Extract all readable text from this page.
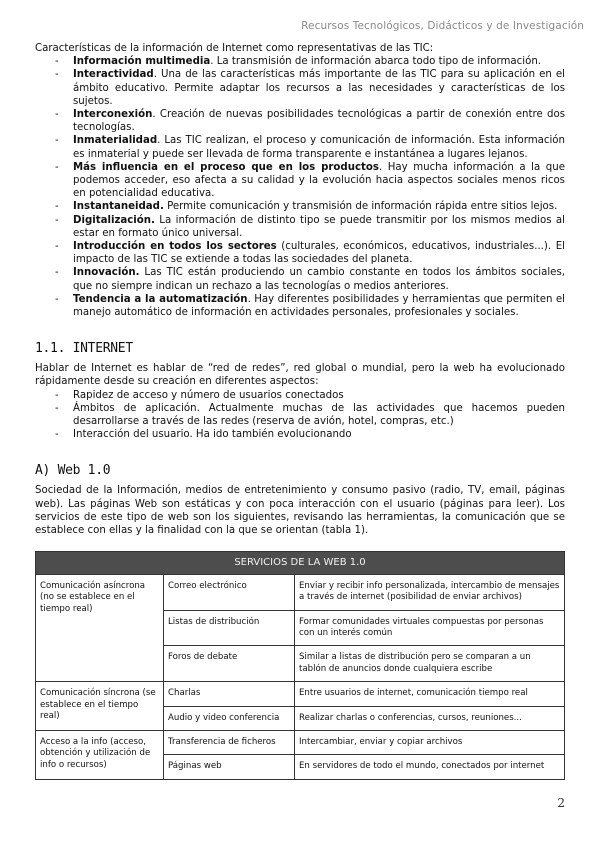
Recursos Tecnológicos, Didácticos y de Investigación

Características de la información de Internet como representativas de las TIC:

- Información multimedia. La transmisión de información abarca todo tipo de información.
- Interactividad. Una de las características más importante de las TIC para su aplicación en el ámbito educativo. Permite adaptar los recursos a las necesidades y características de los sujetos.
- Interconexión. Creación de nuevas posibilidades tecnológicas a partir de conexión entre dos tecnologías.
- Inmaterialidad. Las TIC realizan, el proceso y comunicación de información. Esta información es inmaterial y puede ser llevada de forma transparente e instantánea a lugares lejanos.
- Más influencia en el proceso que en los productos. Hay mucha información a la que podemos acceder, eso afecta a su calidad y la evolución hacia aspectos sociales menos ricos en potencialidad educativa.
- Instantaneidad. Permite comunicación y transmisión de información rápida entre sitios lejos.
- Digitalización. La información de distinto tipo se puede transmitir por los mismos medios al estar en formato único universal.
- Introducción en todos los sectores (culturales, económicos, educativos, industriales...). El impacto de las TIC se extiende a todas las sociedades del planeta.
- Innovación. Las TIC están produciendo un cambio constante en todos los ámbitos sociales, que no siempre indican un rechazo a las tecnologías o medios anteriores.
- Tendencia a la automatización. Hay diferentes posibilidades y herramientas que permiten el manejo automático de información en actividades personales, profesionales y sociales.
1.1. INTERNET

Hablar de Internet es hablar de “red de redes”, red global o mundial, pero la web ha evolucionado rápidamente desde su creación en diferentes aspectos:

- Rapidez de acceso y número de usuarios conectados
- Ámbitos de aplicación. Actualmente muchas de las actividades que hacemos pueden desarrollarse a través de las redes (reserva de avión, hotel, compras, etc.)
- Interacción del usuario. Ha ido también evolucionando
A) Web 1.0

Sociedad de la Información, medios de entretenimiento y consumo pasivo (radio, TV, email, páginas web). Las páginas Web son estáticas y con poca interacción con el usuario (páginas para leer). Los servicios de este tipo de web son los siguientes, revisando las herramientas, la comunicación que se establece con ellas y la finalidad con la que se orientan (tabla 1).

SERVICIOS DE LA WEB 1.0		
Comunicación asíncrona (no se establece en el tiempo real)	Correo electrónico	Enviar y recibir info personalizada, intercambio de mensajes a través de internet (posibilidad de enviar archivos)
	Listas de distribución	Formar comunidades virtuales compuestas por personas con un interés común
	Foros de debate	Similar a listas de distribución pero se comparan a un tablón de anuncios donde cualquiera escribe
Comunicación síncrona (se establece en el tiempo real)	Charlas	Entre usuarios de internet, comunicación tiempo real
	Audio y video conferencia	Realizar charlas o conferencias, cursos, reuniones...
Acceso a la info (acceso, obtención y utilización de info o recursos)	Transferencia de ficheros	Intercambiar, enviar y copiar archivos
	Páginas web	En servidores de todo el mundo, conectados por internet
2
